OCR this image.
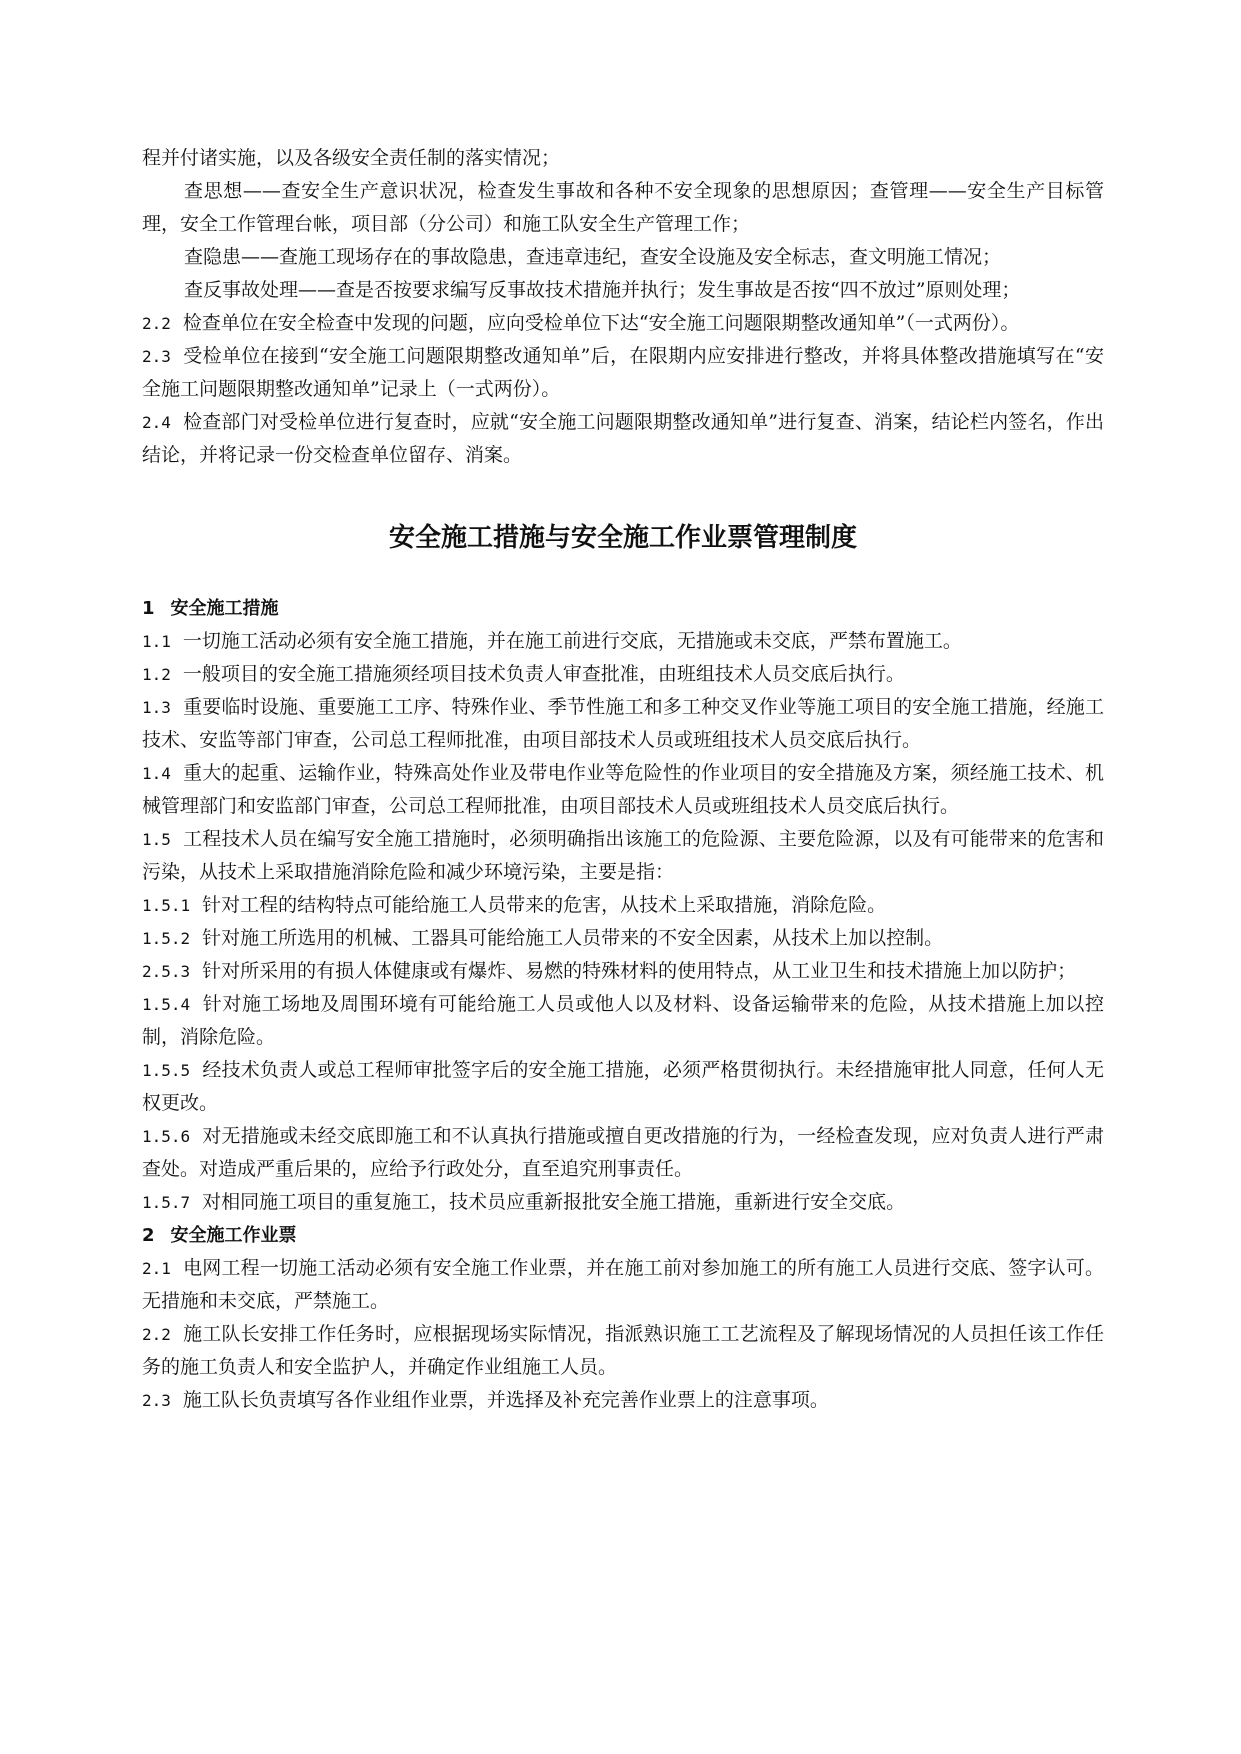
程并付诸实施，以及各级安全责任制的落实情况；

查思想——查安全生产意识状况，检查发生事故和各种不安全现象的思想原因；查管理——安全生产目标管理，安全工作管理台帐，项目部（分公司）和施工队安全生产管理工作；

查隐患——查施工现场存在的事故隐患，查违章违纪，查安全设施及安全标志，查文明施工情况；

查反事故处理——查是否按要求编写反事故技术措施并执行；发生事故是否按“四不放过”原则处理；

2.2 检查单位在安全检查中发现的问题，应向受检单位下达“安全施工问题限期整改通知单”（一式两份）。

2.3 受检单位在接到“安全施工问题限期整改通知单”后，在限期内应安排进行整改，并将具体整改措施填写在“安全施工问题限期整改通知单”记录上（一式两份）。

2.4 检查部门对受检单位进行复查时，应就“安全施工问题限期整改通知单”进行复查、消案，结论栏内签名，作出结论，并将记录一份交检查单位留存、消案。

安全施工措施与安全施工作业票管理制度

1 安全施工措施

1.1 一切施工活动必须有安全施工措施，并在施工前进行交底，无措施或未交底，严禁布置施工。

1.2 一般项目的安全施工措施须经项目技术负责人审查批准，由班组技术人员交底后执行。

1.3 重要临时设施、重要施工工序、特殊作业、季节性施工和多工种交叉作业等施工项目的安全施工措施，经施工技术、安监等部门审查，公司总工程师批准，由项目部技术人员或班组技术人员交底后执行。

1.4 重大的起重、运输作业，特殊高处作业及带电作业等危险性的作业项目的安全措施及方案，须经施工技术、机械管理部门和安监部门审查，公司总工程师批准，由项目部技术人员或班组技术人员交底后执行。

1.5 工程技术人员在编写安全施工措施时，必须明确指出该施工的危险源、主要危险源，以及有可能带来的危害和污染，从技术上采取措施消除危险和减少环境污染，主要是指：

1.5.1 针对工程的结构特点可能给施工人员带来的危害，从技术上采取措施，消除危险。

1.5.2 针对施工所选用的机械、工器具可能给施工人员带来的不安全因素，从技术上加以控制。

2.5.3 针对所采用的有损人体健康或有爆炸、易燃的特殊材料的使用特点，从工业卫生和技术措施上加以防护；

1.5.4 针对施工场地及周围环境有可能给施工人员或他人以及材料、设备运输带来的危险，从技术措施上加以控制，消除危险。

1.5.5 经技术负责人或总工程师审批签字后的安全施工措施，必须严格贯彻执行。未经措施审批人同意，任何人无权更改。

1.5.6 对无措施或未经交底即施工和不认真执行措施或擅自更改措施的行为，一经检查发现，应对负责人进行严肃查处。对造成严重后果的，应给予行政处分，直至追究刑事责任。

1.5.7 对相同施工项目的重复施工，技术员应重新报批安全施工措施，重新进行安全交底。

2 安全施工作业票

2.1 电网工程一切施工活动必须有安全施工作业票，并在施工前对参加施工的所有施工人员进行交底、签字认可。无措施和未交底，严禁施工。

2.2 施工队长安排工作任务时，应根据现场实际情况，指派熟识施工工艺流程及了解现场情况的人员担任该工作任务的施工负责人和安全监护人，并确定作业组施工人员。

2.3 施工队长负责填写各作业组作业票，并选择及补充完善作业票上的注意事项。
